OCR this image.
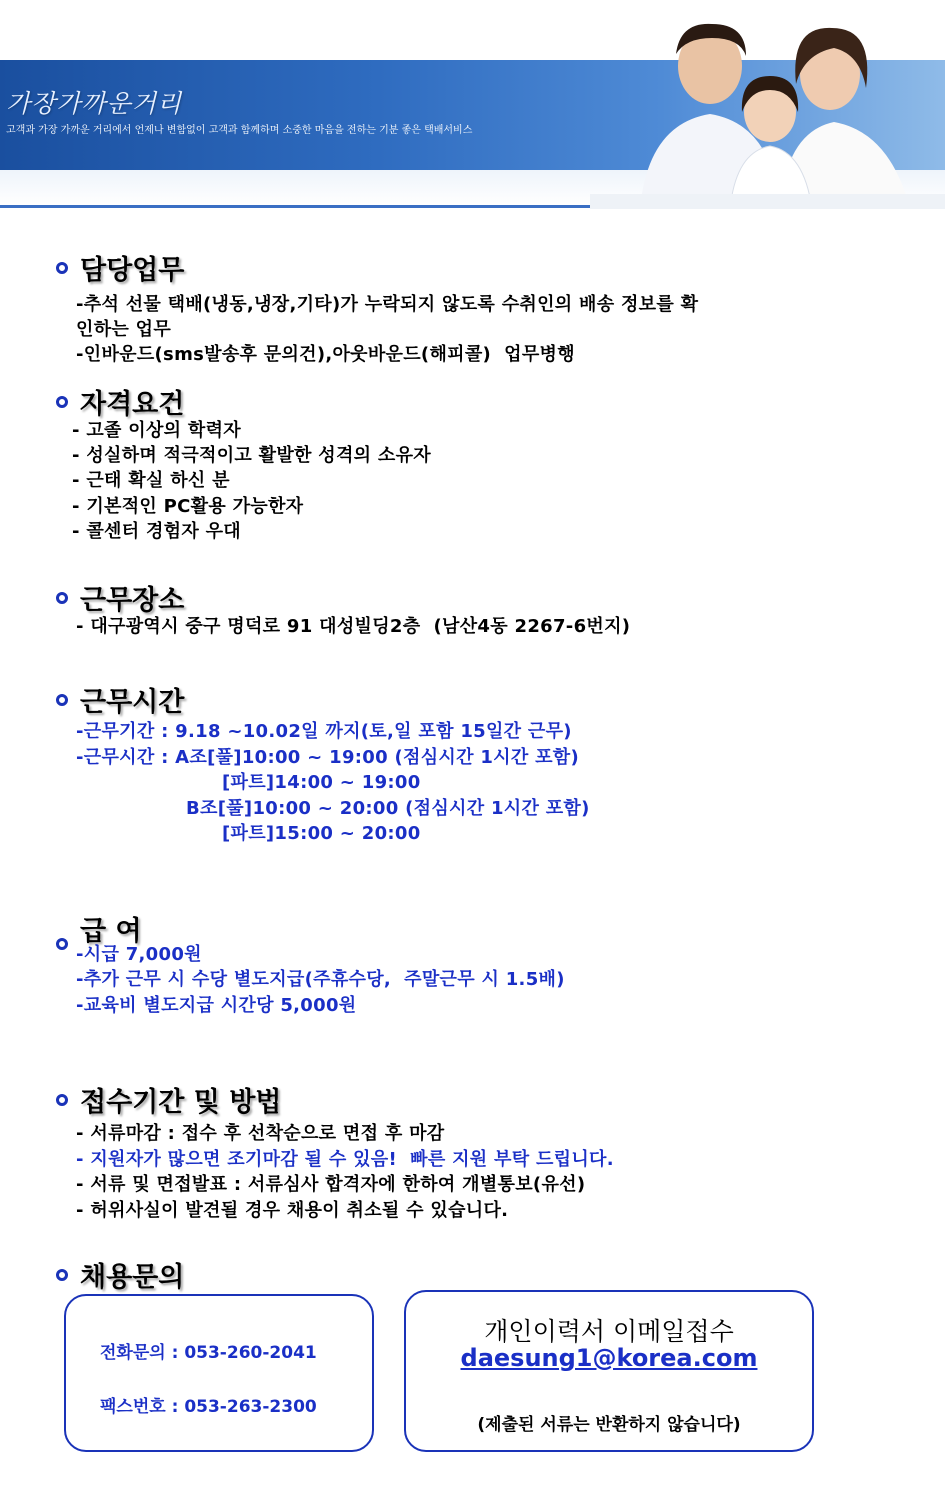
가장가까운거리
고객과 가장 가까운 거리에서 언제나 변함없이 고객과 함께하며 소중한 마음을 전하는 기분 좋은 택배서비스
담당업무
-추석 선물 택배(냉동,냉장,기타)가 누락되지 않도록 수취인의 배송 정보를 확
인하는 업무
-인바운드(sms발송후 문의건),아웃바운드(해피콜)  업무병행
자격요건
- 고졸 이상의 학력자
- 성실하며 적극적이고 활발한 성격의 소유자
- 근태 확실 하신 분
- 기본적인 PC활용 가능한자
- 콜센터 경험자 우대
근무장소
- 대구광역시 중구 명덕로 91 대성빌딩2층  (남산4동 2267-6번지)
근무시간
-근무기간 : 9.18 ~10.02일 까지(토,일 포함 15일간 근무)
-근무시간 : A조[풀]10:00 ~ 19:00 (점심시간 1시간 포함)
[파트]14:00 ~ 19:00
B조[풀]10:00 ~ 20:00 (점심시간 1시간 포함)
[파트]15:00 ~ 20:00
급 여
-시급 7,000원
-추가 근무 시 수당 별도지급(주휴수당,  주말근무 시 1.5배)
-교육비 별도지급 시간당 5,000원
접수기간 및 방법
- 서류마감 : 접수 후 선착순으로 면접 후 마감
- 지원자가 많으면 조기마감 될 수 있음!  빠른 지원 부탁 드립니다.
- 서류 및 면접발표 : 서류심사 합격자에 한하여 개별통보(유선)
- 허위사실이 발견될 경우 채용이 취소될 수 있습니다.
채용문의
전화문의 : 053-260-2041
팩스번호 : 053-263-2300
개인이력서 이메일접수
daesung1@korea.com
(제출된 서류는 반환하지 않습니다)
